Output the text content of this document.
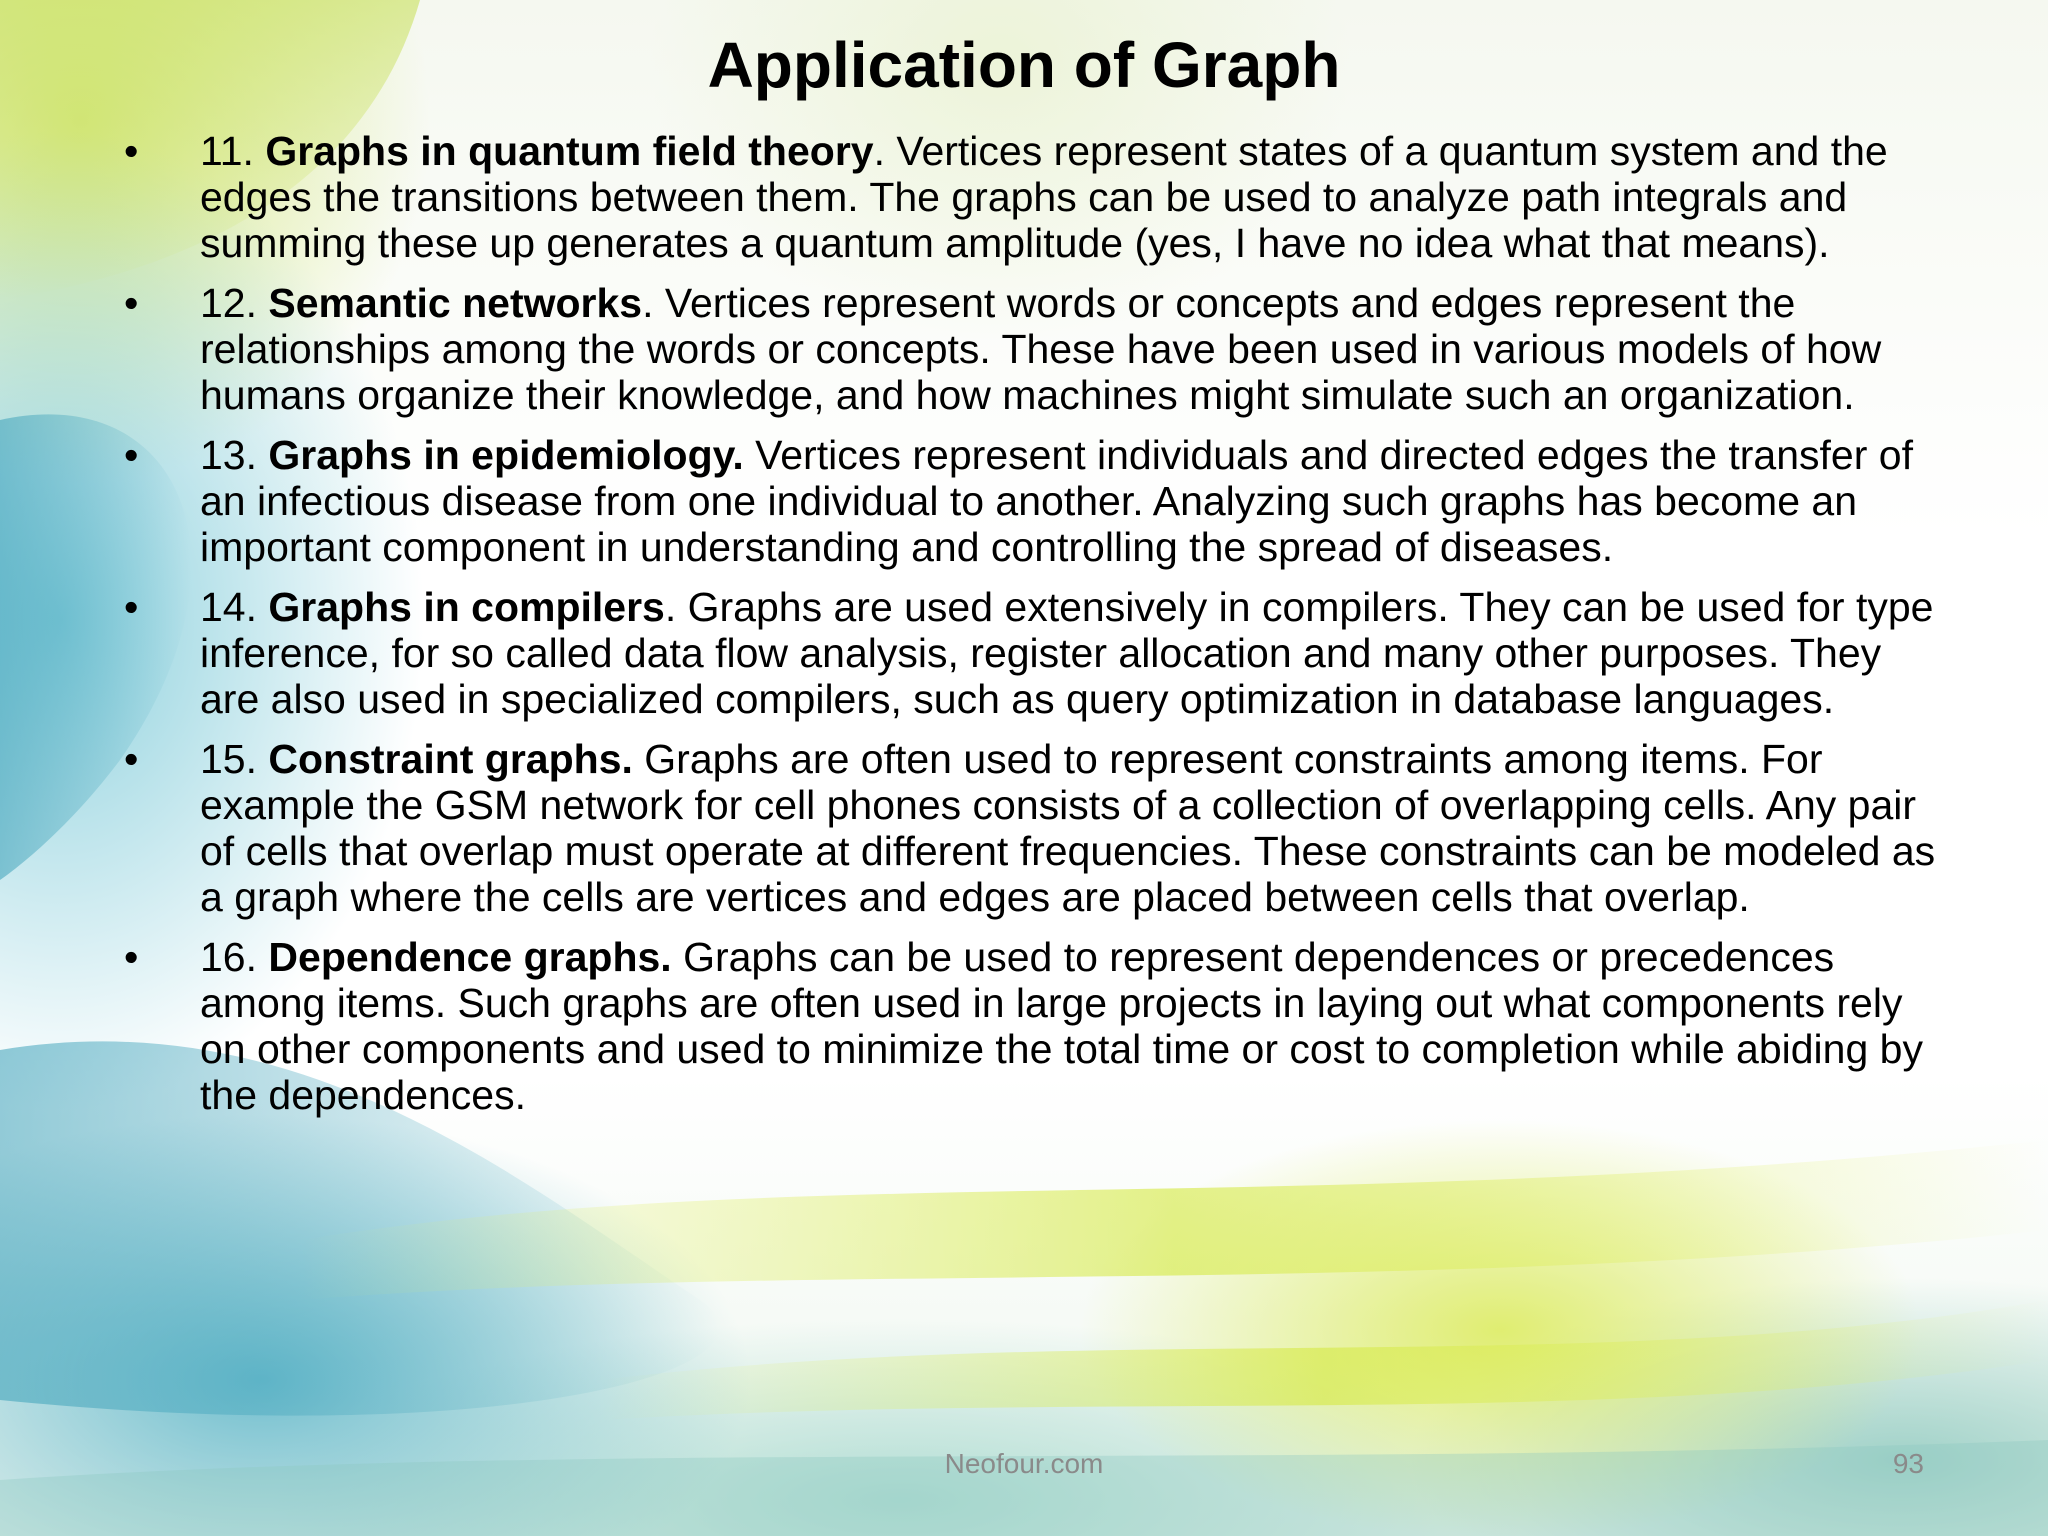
Application of Graph
•	11. Graphs in quantum field theory. Vertices represent states of a quantum system and the edges the transitions between them. The graphs can be used to analyze path integrals and summing these up generates a quantum amplitude (yes, I have no idea what that means).
•	12. Semantic networks. Vertices represent words or concepts and edges represent the relationships among the words or concepts. These have been used in various models of how humans organize their knowledge, and how machines might simulate such an organization.
•	13. Graphs in epidemiology. Vertices represent individuals and directed edges the transfer of an infectious disease from one individual to another. Analyzing such graphs has become an important component in understanding and controlling the spread of diseases.
•	14. Graphs in compilers. Graphs are used extensively in compilers. They can be used for type inference, for so called data flow analysis, register allocation and many other purposes. They are also used in specialized compilers, such as query optimization in database languages.
•	15. Constraint graphs. Graphs are often used to represent constraints among items. For example the GSM network for cell phones consists of a collection of overlapping cells. Any pair of cells that overlap must operate at different frequencies. These constraints can be modeled as a graph where the cells are vertices and edges are placed between cells that overlap.
•	16. Dependence graphs. Graphs can be used to represent dependences or precedences among items. Such graphs are often used in large projects in laying out what components rely on other components and used to minimize the total time or cost to completion while abiding by the dependences.
Neofour.com	93
